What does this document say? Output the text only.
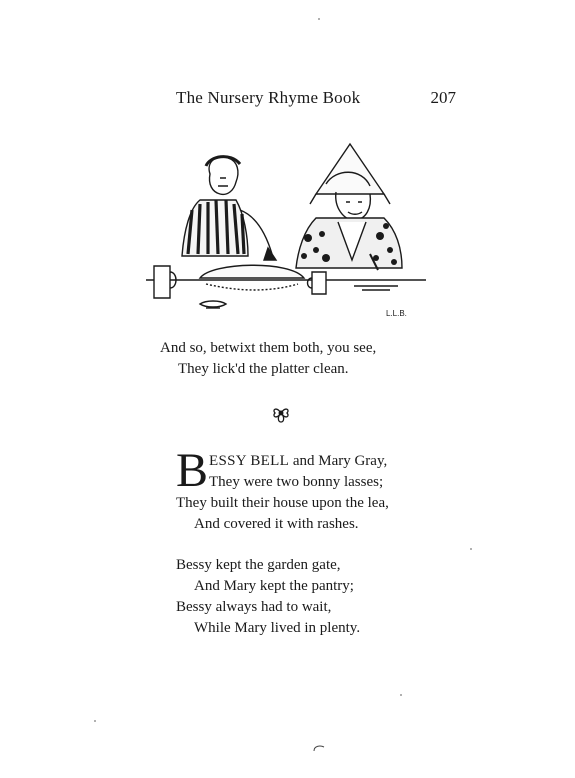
The Nursery Rhyme Book	207
L.L.B.
And so, betwixt them both, you see,
They lick'd the platter clean.
B ESSY BELL and Mary Gray,
They were two bonny lasses;
They built their house upon the lea,
And covered it with rashes.
Bessy kept the garden gate,
And Mary kept the pantry;
Bessy always had to wait,
While Mary lived in plenty.
